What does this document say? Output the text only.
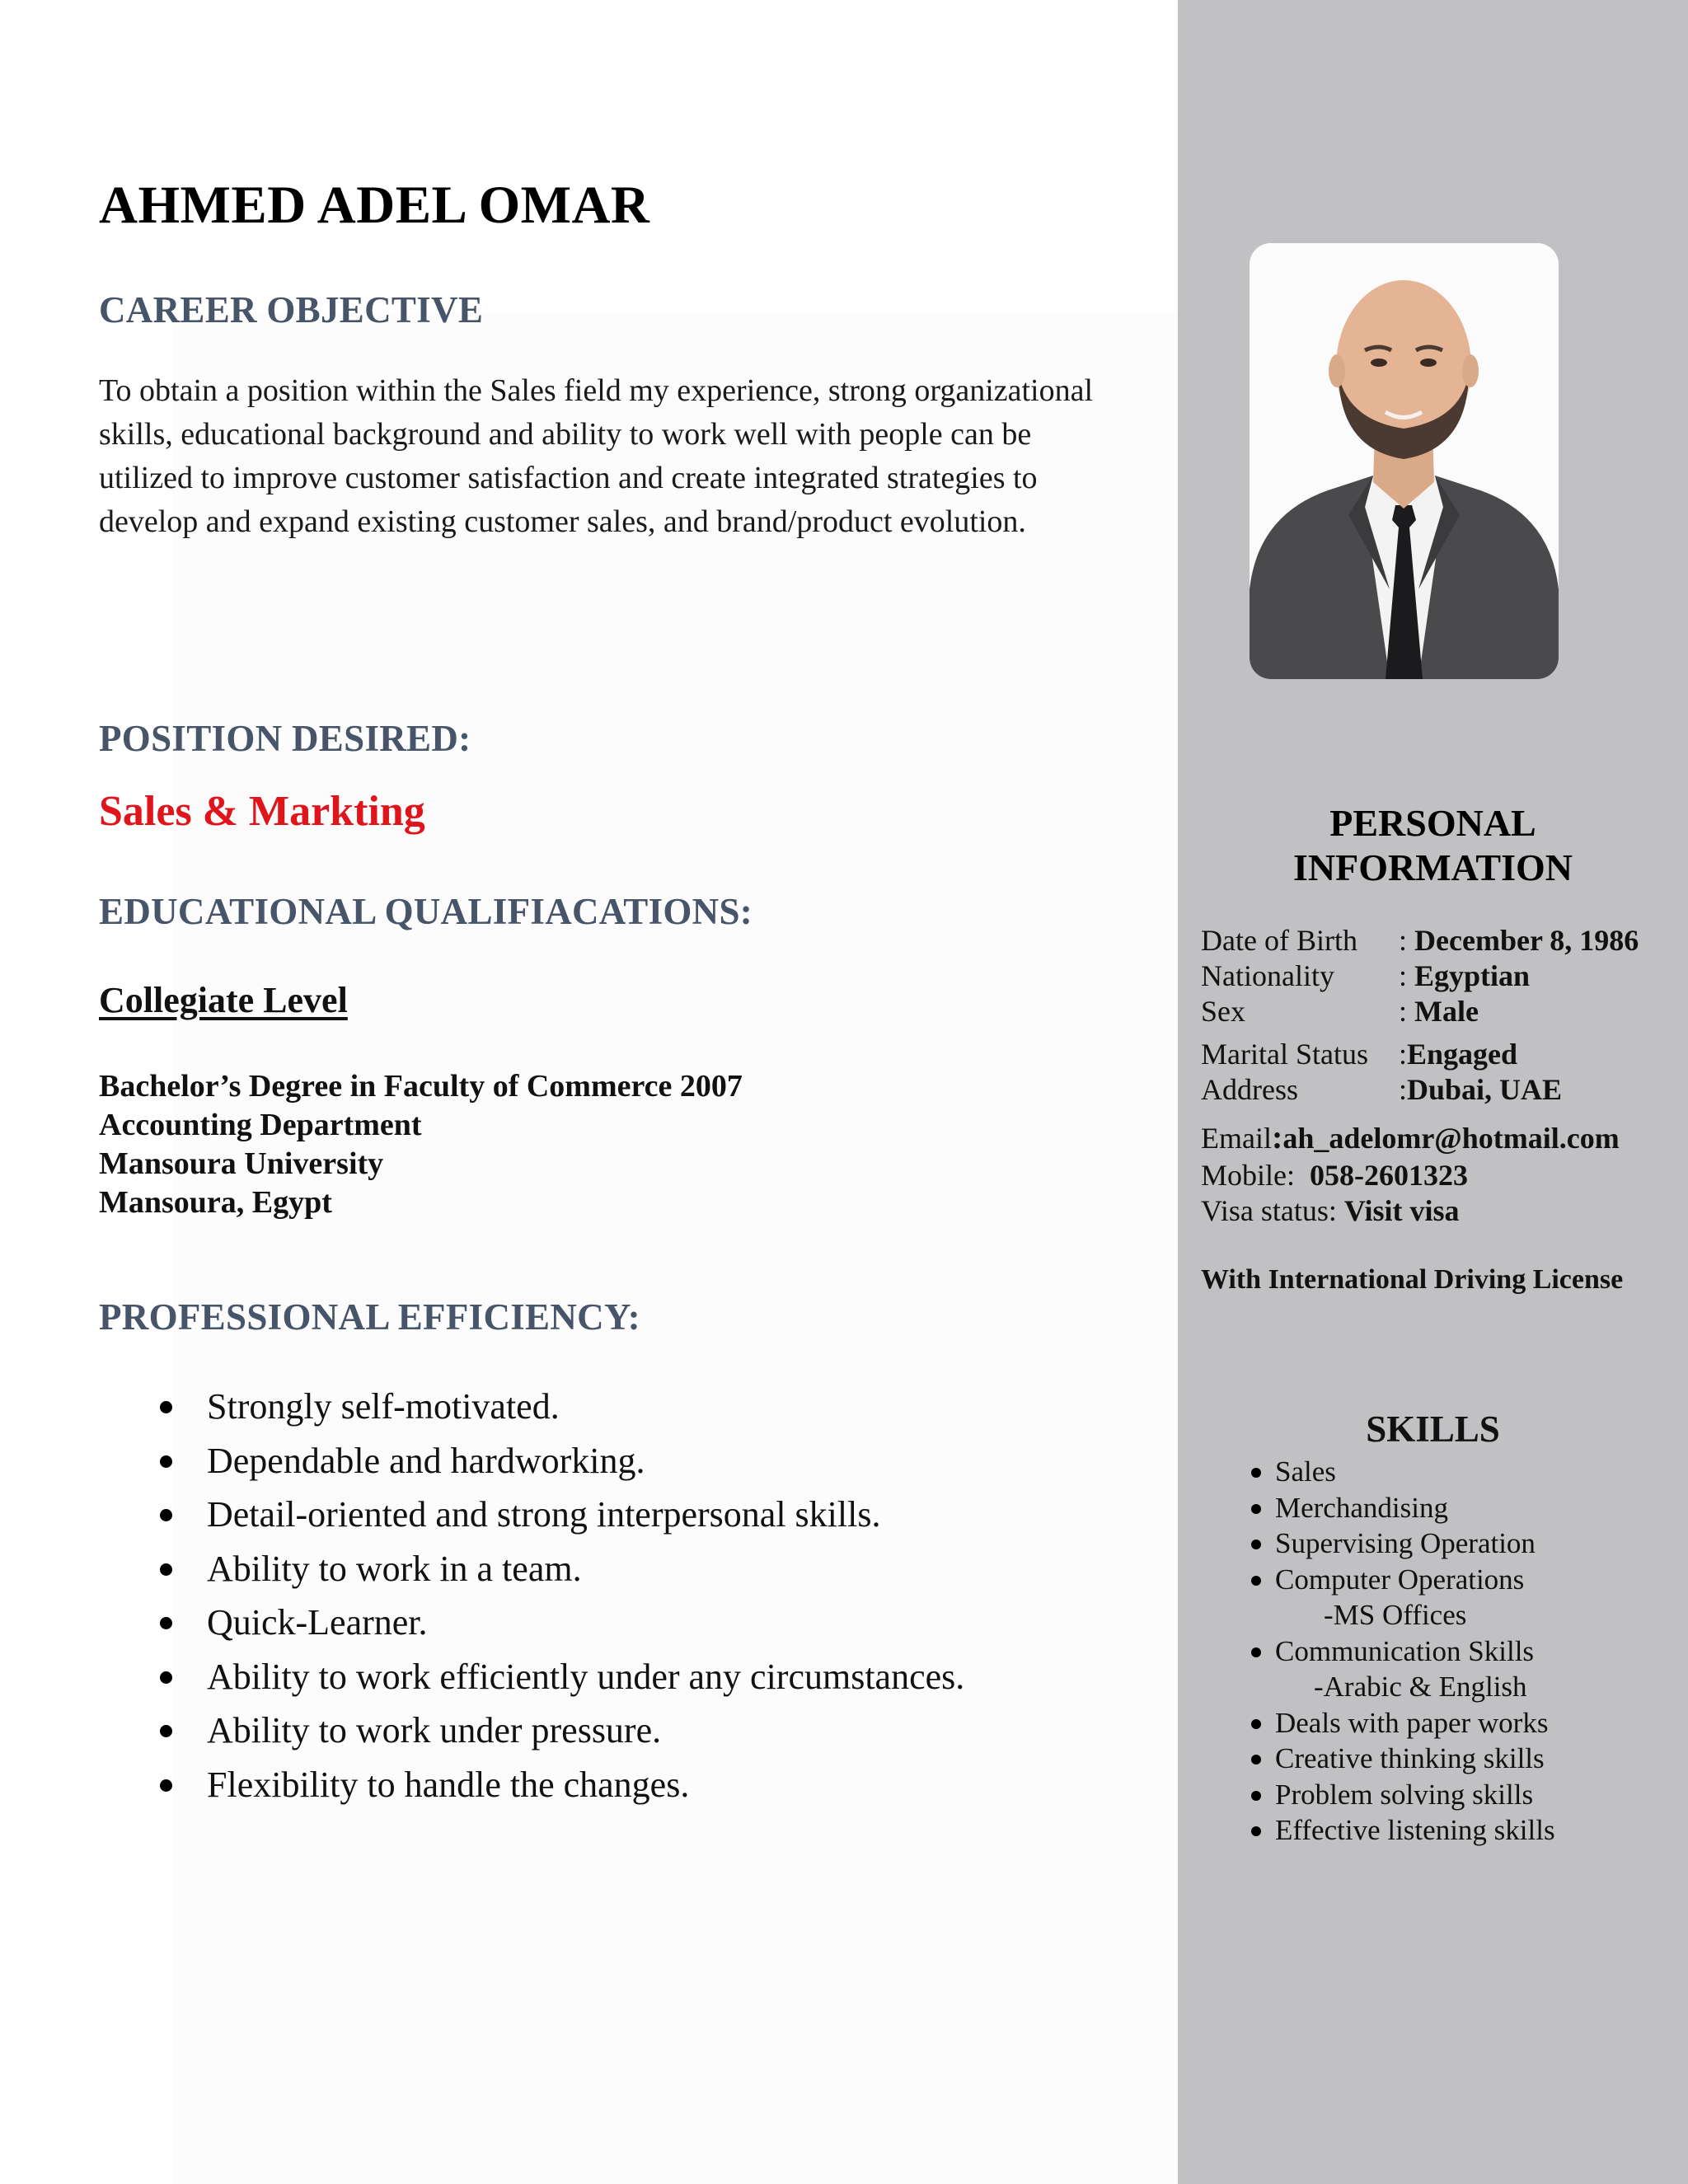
AHMED ADEL OMAR
CAREER OBJECTIVE
To obtain a position within the Sales field my experience, strong organizational
skills, educational background and ability to work well with people can be
utilized to improve customer satisfaction and create integrated strategies to
develop and expand existing customer sales, and brand/product evolution.
POSITION DESIRED:
Sales & Markting
EDUCATIONAL QUALIFIACATIONS:
Collegiate Level
Bachelor’s Degree in Faculty of Commerce 2007
Accounting Department
Mansoura University
Mansoura, Egypt
PROFESSIONAL EFFICIENCY:
Strongly self-motivated.
Dependable and hardworking.
Detail-oriented and strong interpersonal skills.
Ability to work in a team.
Quick-Learner.
Ability to work efficiently under any circumstances.
Ability to work under pressure.
Flexibility to handle the changes.
PERSONAL
INFORMATION
Date of Birth : December 8, 1986
Nationality : Egyptian
Sex	: Male
Marital Status :Engaged
Address	:Dubai, UAE
Email:ah_adelomr@hotmail.com
Mobile: 058-2601323
Visa status: Visit visa
With International Driving License
SKILLS
Sales
Merchandising
Supervising Operation
Computer Operations
-MS Offices
Communication Skills
-Arabic & English
Deals with paper works
Creative thinking skills
Problem solving skills
Effective listening skills
